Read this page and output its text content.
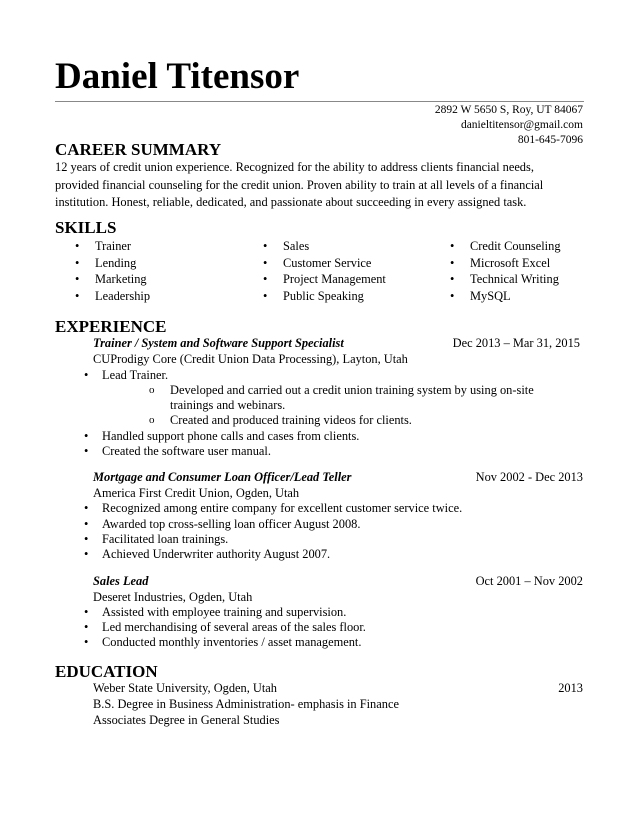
Daniel Titensor
2892 W 5650 S, Roy, UT 84067
danieltitensor@gmail.com
801-645-7096
CAREER SUMMARY
12 years of credit union experience. Recognized for the ability to address clients financial needs,
provided financial counseling for the credit union. Proven ability to train at all levels of a financial
institution. Honest, reliable, dedicated, and passionate about succeeding in every assigned task.
SKILLS
• Trainer
• Lending
• Marketing
• Leadership
• Sales
• Customer Service
• Project Management
• Public Speaking
• Credit Counseling
• Microsoft Excel
• Technical Writing
• MySQL
EXPERIENCE
Trainer / System and Software Support Specialist	Dec 2013 – Mar 31, 2015
CUProdigy Core (Credit Union Data Processing), Layton, Utah
• Lead Trainer.
o Developed and carried out a credit union training system by using on-site
trainings and webinars.
o Created and produced training videos for clients.
• Handled support phone calls and cases from clients.
• Created the software user manual.
Mortgage and Consumer Loan Officer/Lead Teller	Nov 2002 - Dec 2013
America First Credit Union, Ogden, Utah
• Recognized among entire company for excellent customer service twice.
• Awarded top cross-selling loan officer August 2008.
• Facilitated loan trainings.
• Achieved Underwriter authority August 2007.
Sales Lead	Oct 2001 – Nov 2002
Deseret Industries, Ogden, Utah
• Assisted with employee training and supervision.
• Led merchandising of several areas of the sales floor.
• Conducted monthly inventories / asset management.
EDUCATION
Weber State University, Ogden, Utah	2013
B.S. Degree in Business Administration- emphasis in Finance
Associates Degree in General Studies
